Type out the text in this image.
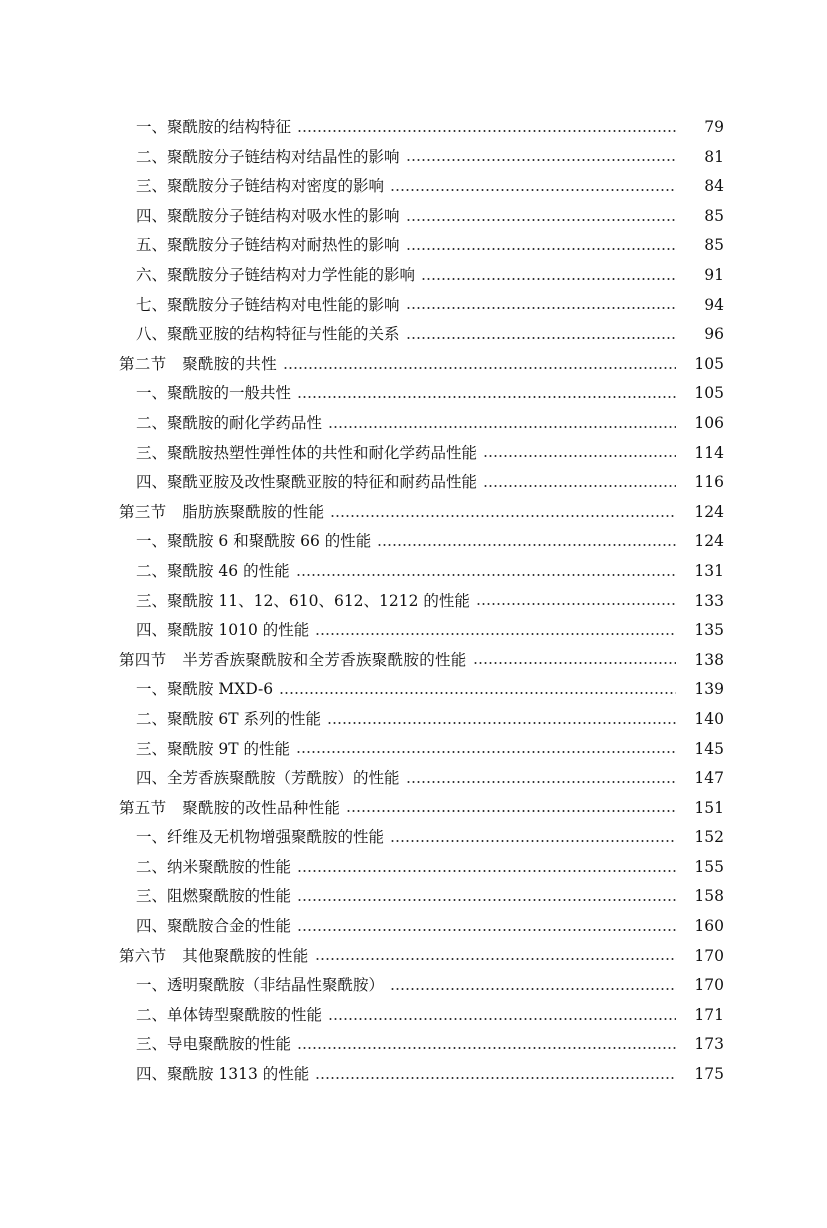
一、聚酰胺的结构特征	79
二、聚酰胺分子链结构对结晶性的影响	81
三、聚酰胺分子链结构对密度的影响	84
四、聚酰胺分子链结构对吸水性的影响	85
五、聚酰胺分子链结构对耐热性的影响	85
六、聚酰胺分子链结构对力学性能的影响	91
七、聚酰胺分子链结构对电性能的影响	94
八、聚酰亚胺的结构特征与性能的关系	96
第二节　聚酰胺的共性	105
一、聚酰胺的一般共性	105
二、聚酰胺的耐化学药品性	106
三、聚酰胺热塑性弹性体的共性和耐化学药品性能	114
四、聚酰亚胺及改性聚酰亚胺的特征和耐药品性能	116
第三节　脂肪族聚酰胺的性能	124
一、聚酰胺 6 和聚酰胺 66 的性能	124
二、聚酰胺 46 的性能	131
三、聚酰胺 11、12、610、612、1212 的性能	133
四、聚酰胺 1010 的性能	135
第四节　半芳香族聚酰胺和全芳香族聚酰胺的性能	138
一、聚酰胺 MXD-6	139
二、聚酰胺 6T 系列的性能	140
三、聚酰胺 9T 的性能	145
四、全芳香族聚酰胺（芳酰胺）的性能	147
第五节　聚酰胺的改性品种性能	151
一、纤维及无机物增强聚酰胺的性能	152
二、纳米聚酰胺的性能	155
三、阻燃聚酰胺的性能	158
四、聚酰胺合金的性能	160
第六节　其他聚酰胺的性能	170
一、透明聚酰胺（非结晶性聚酰胺）	170
二、单体铸型聚酰胺的性能	171
三、导电聚酰胺的性能	173
四、聚酰胺 1313 的性能	175
